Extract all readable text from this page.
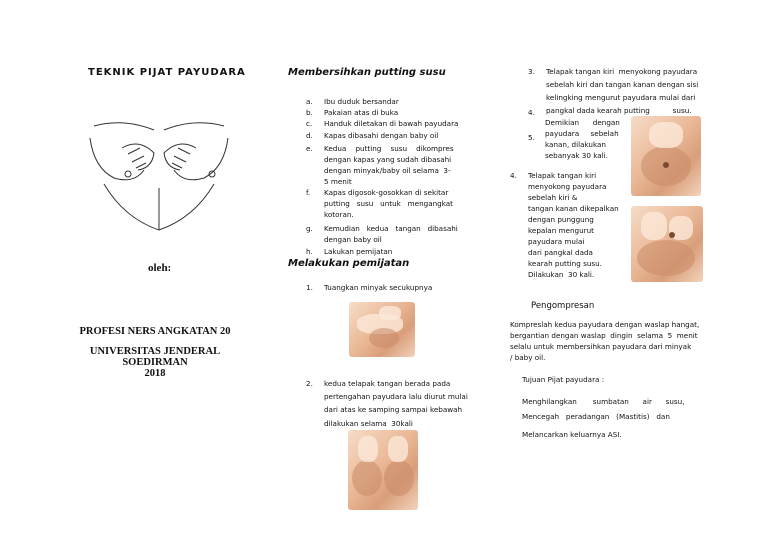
TEKNIK PIJAT PAYUDARA
oleh:
PROFESI NERS ANGKATAN 20
UNIVERSITAS JENDERAL SOEDIRMAN
2018
Membersihkan putting susu
a. Ibu duduk bersandar
b. Pakaian atas di buka
c. Handuk diletakan di bawah payudara
d. Kapas dibasahi dengan baby oil
e. Kedua    putting    susu    dikompres
dengan kapas yang sudah dibasahi
dengan minyak/baby oil selama  3-
5 menit
f. Kapas digosok-gosokkan di sekitar
putting   susu   untuk   mengangkat
kotoran.
g. Kemudian   kedua   tangan   dibasahi
dengan baby oil
h. Lakukan pemijatan
Melakukan pemijatan
1. Tuangkan minyak secukupnya
2. kedua telapak tangan berada pada
pertengahan payudara lalu diurut mulai
dari atas ke samping sampai kebawah
dilakukan selama  30kali
3. Telapak tangan kiri  menyokong payudara
sebelah kiri dan tangan kanan dengan sisi
kelingking mengurut payudara mulai dari
pangkal dada kearah putting          susu.
4.
5.
Demikian      dengan
payudara     sebelah
kanan, dilakukan
sebanyak 30 kali.
4. Telapak tangan kiri
menyokong payudara
sebelah kiri &
tangan kanan dikepalkan
dengan punggung
kepalan mengurut
payudara mulai
dari pangkal dada
kearah putting susu.
Dilakukan  30 kali.
Pengompresan
Kompreslah kedua payudara dengan waslap hangat,
bergantian dengan waslap  dingin  selama  5  menit
selalu untuk membersihkan payudara dari minyak
/ baby oil.
Tujuan Pijat payudara :
Menghilangkan       sumbatan      air      susu,
Mencegah   peradangan   (Mastitis)   dan
Melancarkan keluarnya ASI.
